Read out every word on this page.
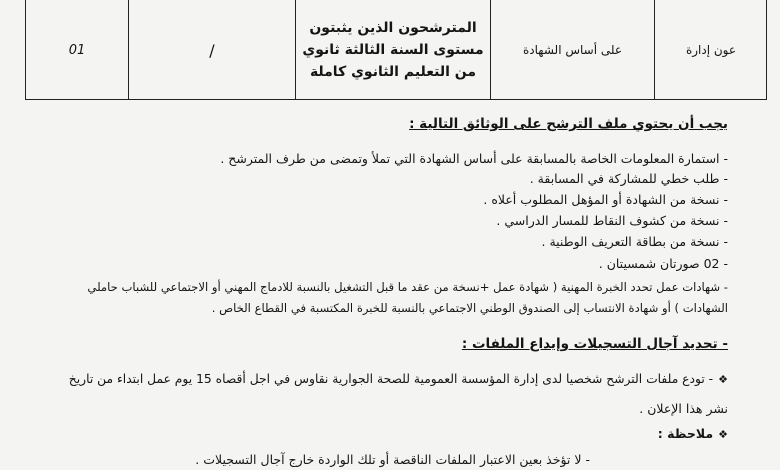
01	/
المترشحون الذين يثبتون
مستوى السنة الثالثة ثانوي
من التعليم الثانوي كاملة
على أساس الشهادة	عون إدارة
يجب أن يحتوي ملف الترشح على الوثائق التالية :
- استمارة المعلومات الخاصة بالمسابقة على أساس الشهادة التي تملأ وتمضى من طرف المترشح .
- طلب خطي للمشاركة في المسابقة .
- نسخة من الشهادة أو المؤهل المطلوب أعلاه .
- نسخة من كشوف النقاط للمسار الدراسي .
- نسخة من بطاقة التعريف الوطنية .
- 02 صورتان شمسيتان .
- شهادات عمل تحدد الخبرة المهنية ( شهادة عمل +نسخة من عقد ما قبل التشغيل بالنسبة للادماج المهني أو الاجتماعي للشباب حاملي
الشهادات ) أو شهادة الانتساب إلى الصندوق الوطني الاجتماعي بالنسبة للخبرة المكتسبة في القطاع الخاص .
- تحديد آجال التسجيلات وإيداع الملفات :
❖- تودع ملفات الترشح شخصيا لدى إدارة المؤسسة العمومية للصحة الجوارية نقاوس في اجل أقصاه 15 يوم عمل ابتداء من تاريخ
نشر هذا الإعلان .
❖ملاحظة :
- لا تؤخذ بعين الاعتبار الملفات الناقصة أو تلك الواردة خارج آجال التسجيلات .
